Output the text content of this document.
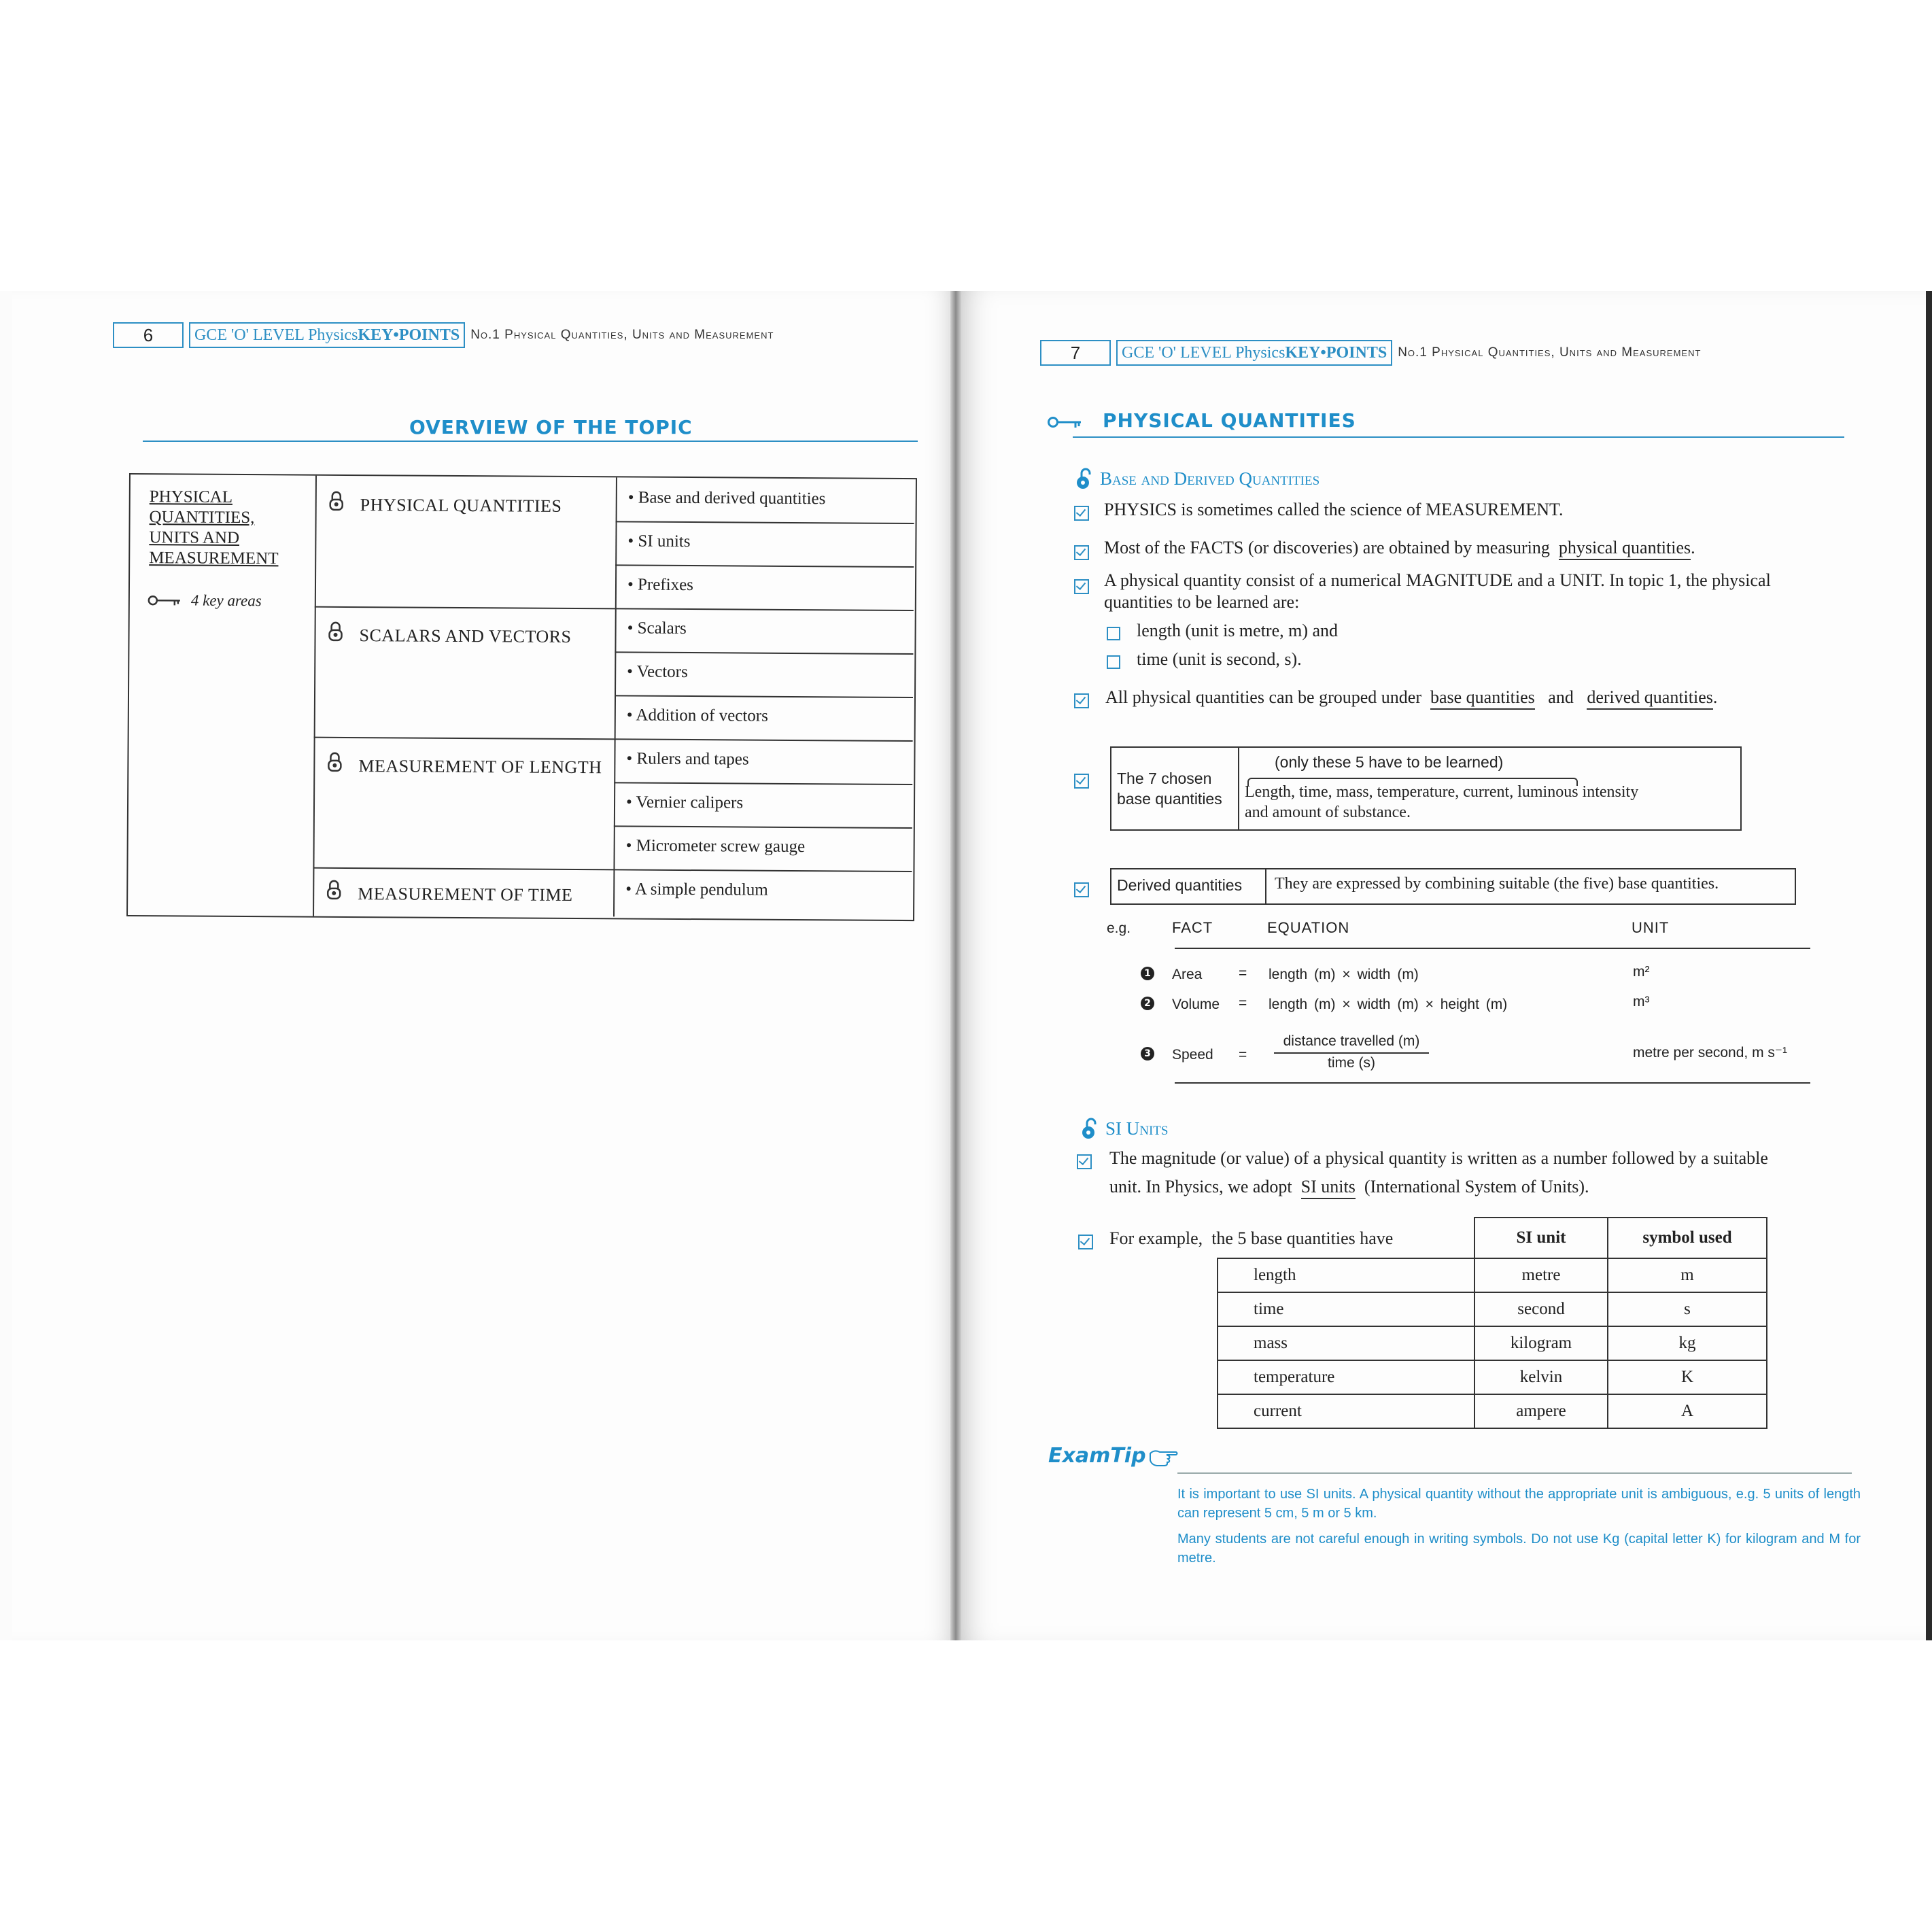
6	GCE 'O' LEVEL Physics KEY•POINTS No.1 Physical Quantities, Units and Measurement
OVERVIEW OF THE TOPIC
PHYSICAL QUANTITIES, UNITS AND MEASUREMENT
4 key areas
PHYSICAL QUANTITIES	• Base and derived quantities
• SI units
• Prefixes
SCALARS AND VECTORS	• Scalars
• Vectors
• Addition of vectors
MEASUREMENT OF LENGTH • Rulers and tapes
• Vernier calipers
• Micrometer screw gauge
MEASUREMENT OF TIME	• A simple pendulum
7	GCE 'O' LEVEL Physics KEY•POINTS No.1 Physical Quantities, Units and Measurement
PHYSICAL QUANTITIES
Base and Derived Quantities
PHYSICS is sometimes called the science of MEASUREMENT.
Most of the FACTS (or discoveries) are obtained by measuring physical quantities.
A physical quantity consist of a numerical MAGNITUDE and a UNIT. In topic 1, the physical
quantities to be learned are:
length (unit is metre, m) and
time (unit is second, s).
All physical quantities can be grouped under base quantities and derived quantities.
The 7 chosen
base quantities
(only these 5 have to be learned)
Length, time, mass, temperature, current, luminous intensity
and amount of substance.
Derived quantities	They are expressed by combining suitable (the five) base quantities.
e.g.	FACT	EQUATION	UNIT
1 Area	= length (m) × width (m)	m²
2 Volume = length (m) × width (m) × height (m)	m³
3 Speed =
distance travelled (m)
time (s)
metre per second, m s⁻¹
SI Units
The magnitude (or value) of a physical quantity is written as a number followed by a suitable
unit. In Physics, we adopt SI units (International System of Units).
For example, the 5 base quantities have
		SI unit	symbol used
length	metre	m
time	second	s
mass	kilogram	kg
temperature	kelvin	K
current	ampere	A
ExamTip
It is important to use SI units. A physical quantity without the appropriate unit is ambiguous, e.g. 5 units of length can represent 5 cm, 5 m or 5 km.
Many students are not careful enough in writing symbols. Do not use Kg (capital letter K) for kilogram and M for metre.
